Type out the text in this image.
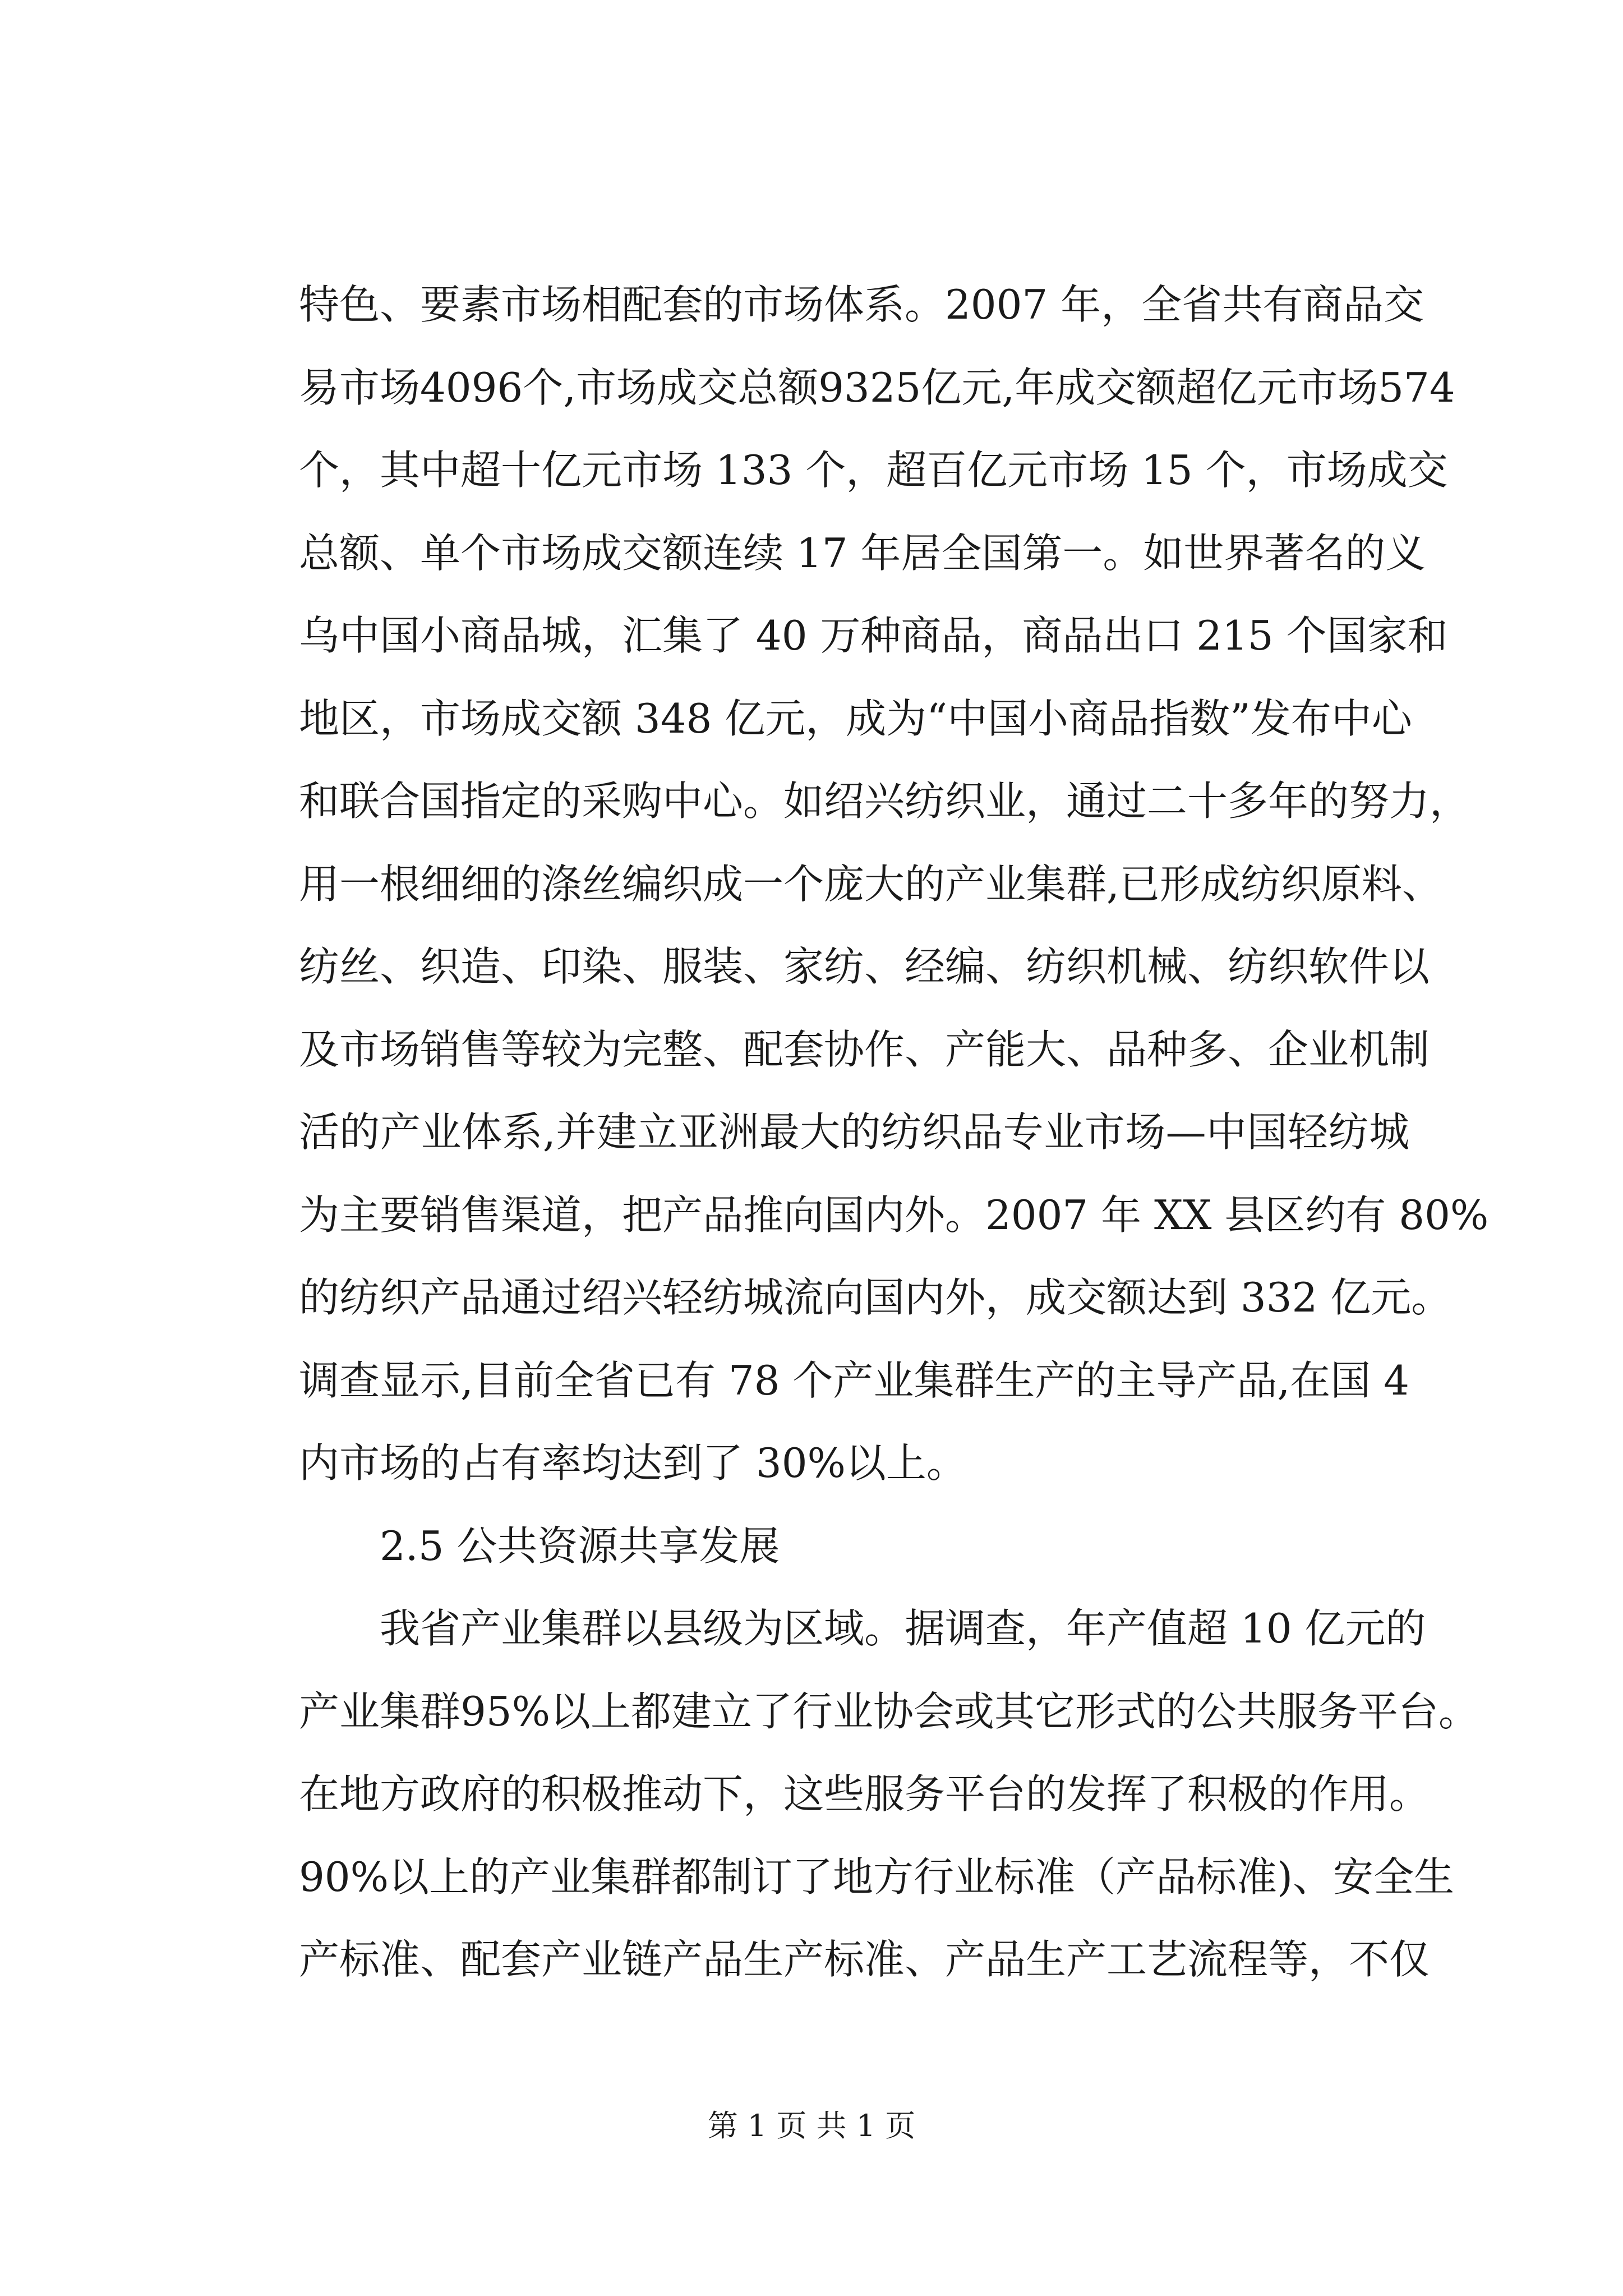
特色、要素市场相配套的市场体系。2007 年，全省共有商品交
易市场4096个,市场成交总额9325亿元,年成交额超亿元市场574
个，其中超十亿元市场 133 个，超百亿元市场 15 个，市场成交
总额、单个市场成交额连续 17 年居全国第一。如世界著名的义
乌中国小商品城，汇集了 40 万种商品，商品出口 215 个国家和
地区，市场成交额 348 亿元，成为“中国小商品指数”发布中心
和联合国指定的采购中心。如绍兴纺织业，通过二十多年的努力，
用一根细细的涤丝编织成一个庞大的产业集群,已形成纺织原料、
纺丝、织造、印染、服装、家纺、经编、纺织机械、纺织软件以
及市场销售等较为完整、配套协作、产能大、品种多、企业机制
活的产业体系,并建立亚洲最大的纺织品专业市场—中国轻纺城
为主要销售渠道，把产品推向国内外。2007 年 XX 县区约有 80%
的纺织产品通过绍兴轻纺城流向国内外，成交额达到 332 亿元。
调查显示,目前全省已有 78 个产业集群生产的主导产品,在国 4
内市场的占有率均达到了 30%以上。
2.5 公共资源共享发展
我省产业集群以县级为区域。据调查，年产值超 10 亿元的
产业集群95%以上都建立了行业协会或其它形式的公共服务平台。
在地方政府的积极推动下，这些服务平台的发挥了积极的作用。
90%以上的产业集群都制订了地方行业标准（产品标准)、安全生
产标准、配套产业链产品生产标准、产品生产工艺流程等，不仅
第 1 页 共 1 页
